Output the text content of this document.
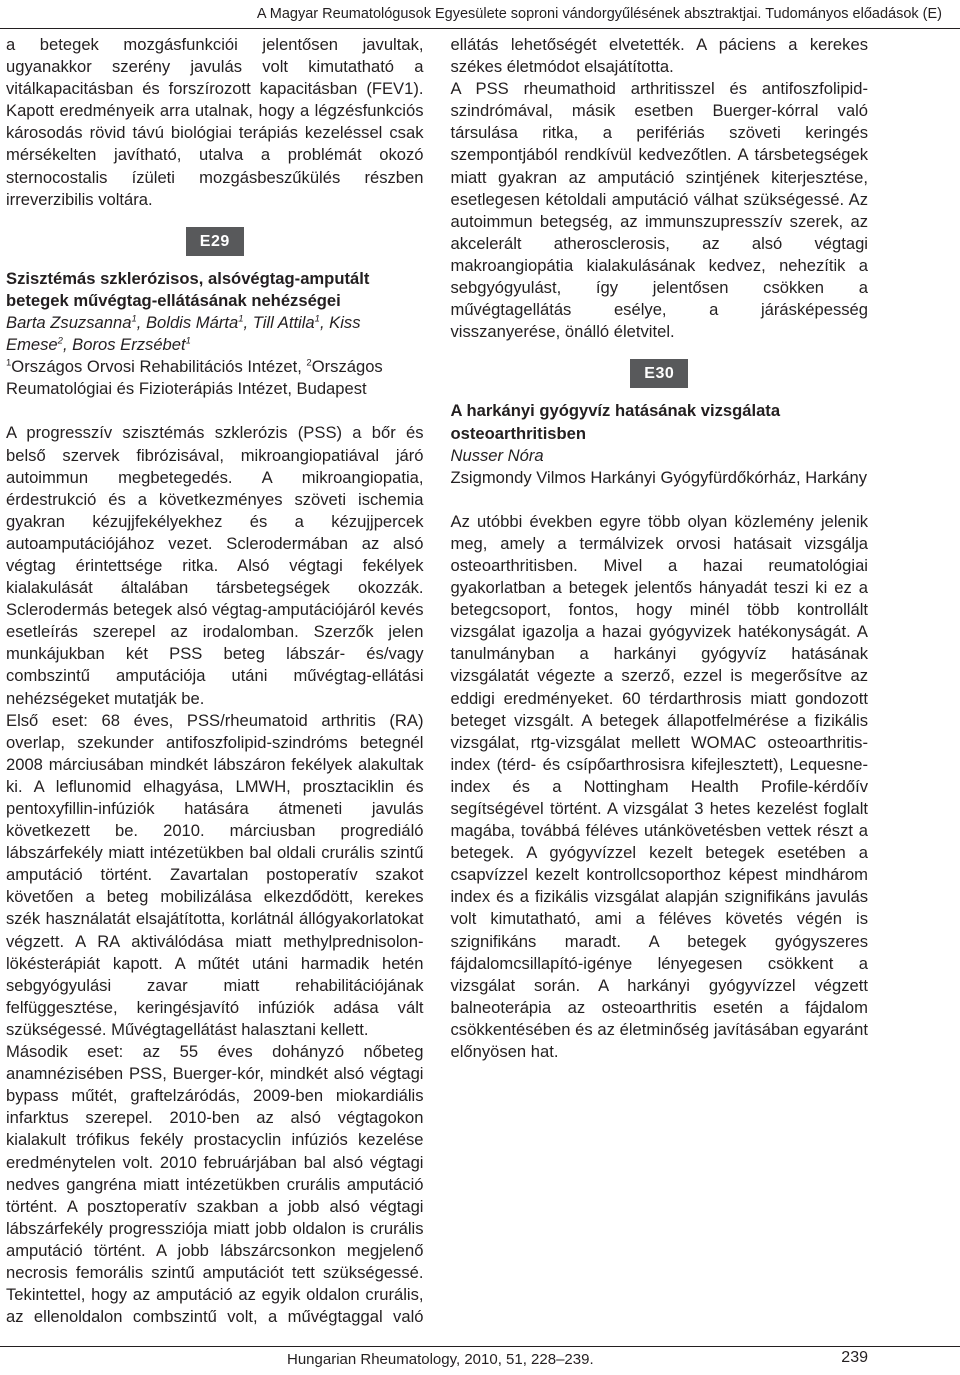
A Magyar Reumatológusok Egyesülete soproni vándorgyűlésének absztraktjai. Tudományos előadások (E)

a betegek mozgásfunkciói jelentősen javultak, ugyanakkor szerény javulás volt kimutatható a vitálkapacitásban és forszírozott kapacitásban (FEV1). Kapott eredményeik arra utalnak, hogy a légzésfunkciós károsodás rövid távú biológiai terápiás kezeléssel csak mérsékelten javítható, utalva a problémát okozó sternocostalis ízületi mozgásbeszűkülés részben irreverzibilis voltára.

E29

Szisztémás szklerózisos, alsóvégtag-amputált betegek művégtag-ellátásának nehézségei

Barta Zsuzsanna$^1$, Boldis Márta$^1$, Till Attila$^1$, Kiss Emese$^2$, Boros Erzsébet$^1$

$^1$Országos Orvosi Rehabilitációs Intézet, $^2$Országos Reumatológiai és Fizioterápiás Intézet, Budapest

A progresszív szisztémás szklerózis (PSS) a bőr és belső szervek fibrózisával, mikroangiopatiával járó autoimmun megbetegedés. A mikroangiopatia, érdestrukció és a következményes szöveti ischemia gyakran kézujjfekélyekhez és a kézujjpercek autoamputációjához vezet. Sclerodermában az alsó végtag érintettsége ritka. Alsó végtagi fekélyek kialakulását általában társbetegségek okozzák. Sclerodermás betegek alsó végtag-amputációjáról kevés esetleírás szerepel az irodalomban. Szerzők jelen munkájukban két PSS beteg lábszár- és/vagy combszintű amputációja utáni művégtag-ellátási nehézségeket mutatják be.

Első eset: 68 éves, PSS/rheumatoid arthritis (RA) overlap, szekunder antifoszfolipid-szindróms betegnél 2008 márciusában mindkét lábszáron fekélyek alakultak ki. A leflunomid elhagyása, LMWH, prosztaciklin és pentoxyfillin-infúziók hatására átmeneti javulás következett be. 2010. márciusban progrediáló lábszárfekély miatt intézetükben bal oldali crurális szintű amputáció történt. Zavartalan postoperatív szakot követően a beteg mobilizálása elkezdődött, kerekes szék használatát elsajátította, korlátnál állógyakorlatokat végzett. A RA aktiválódása miatt methylprednisolon-lökésterápiát kapott. A műtét utáni harmadik hetén sebgyógyulási zavar miatt rehabilitációjának felfüggesztése, keringésjavító infúziók adása vált szükségessé. Művégtagellátást halasztani kellett.

Második eset: az 55 éves dohányzó nőbeteg anamnézisében PSS, Buerger-kór, mindkét alsó végtagi bypass műtét, graftelzáródás, 2009-ben miokardiális infarktus szerepel. 2010-ben az alsó végtagokon kialakult trófikus fekély prostacyclin infúziós kezelése eredménytelen volt. 2010 februárjában bal alsó végtagi nedves gangréna miatt intézetükben crurális amputáció történt. A posztoperatív szakban a jobb alsó végtagi lábszárfekély progressziója miatt jobb oldalon is crurális amputáció történt. A jobb lábszárcsonkon megjelenő necrosis femorális szintű amputációt tett szükségessé. Tekintettel, hogy az amputáció az egyik oldalon crurális, az ellenoldalon combszintű volt, a művégtaggal való ellátás lehetőségét elvetették. A páciens a kerekes székes életmódot elsajátította.

A PSS rheumathoid arthritisszel és antifoszfolipid-szindrómával, másik esetben Buerger-kórral való társulása ritka, a perifériás szöveti keringés szempontjából rendkívül kedvezőtlen. A társbetegségek miatt gyakran az amputáció szintjének kiterjesztése, esetlegesen kétoldali amputáció válhat szükségessé. Az autoimmun betegség, az immunszupresszív szerek, az akcelerált atherosclerosis, az alsó végtagi makroangiopátia kialakulásának kedvez, nehezítik a sebgyógyulást, így jelentősen csökken a művégtagellátás esélye, a járásképesség visszanyerése, önálló életvitel.

E30

A harkányi gyógyvíz hatásának vizsgálata osteoarthritisben

Nusser Nóra

Zsigmondy Vilmos Harkányi Gyógyfürdőkórház, Harkány

Az utóbbi években egyre több olyan közlemény jelenik meg, amely a termálvizek orvosi hatásait vizsgálja osteoarthritisben. Mivel a hazai reumatológiai gyakorlatban a betegek jelentős hányadát teszi ki ez a betegcsoport, fontos, hogy minél több kontrollált vizsgálat igazolja a hazai gyógyvizek hatékonyságát. A tanulmányban a harkányi gyógyvíz hatásának vizsgálatát végezte a szerző, ezzel is megerősítve az eddigi eredményeket. 60 térdarthrosis miatt gondozott beteget vizsgált. A betegek állapotfelmérése a fizikális vizsgálat, rtg-vizsgálat mellett WOMAC osteoarthritis-index (térd- és csípőarthrosisra kifejlesztett), Lequesne-index és a Nottingham Health Profile-kérdőív segítségével történt. A vizsgálat 3 hetes kezelést foglalt magába, továbbá féléves utánkövetésben vettek részt a betegek. A gyógyvízzel kezelt betegek esetében a csapvízzel kezelt kontrollcsoporthoz képest mindhárom index és a fizikális vizsgálat alapján szignifikáns javulás volt kimutatható, ami a féléves követés végén is szignifikáns maradt. A betegek gyógyszeres fájdalomcsillapító-igénye lényegesen csökkent a vizsgálat során. A harkányi gyógyvízzel végzett balneoterápia az osteoarthritis esetén a fájdalom csökkentésében és az életminőség javításában egyaránt előnyösen hat.

Hungarian Rheumatology, 2010, 51, 228–239.	239
